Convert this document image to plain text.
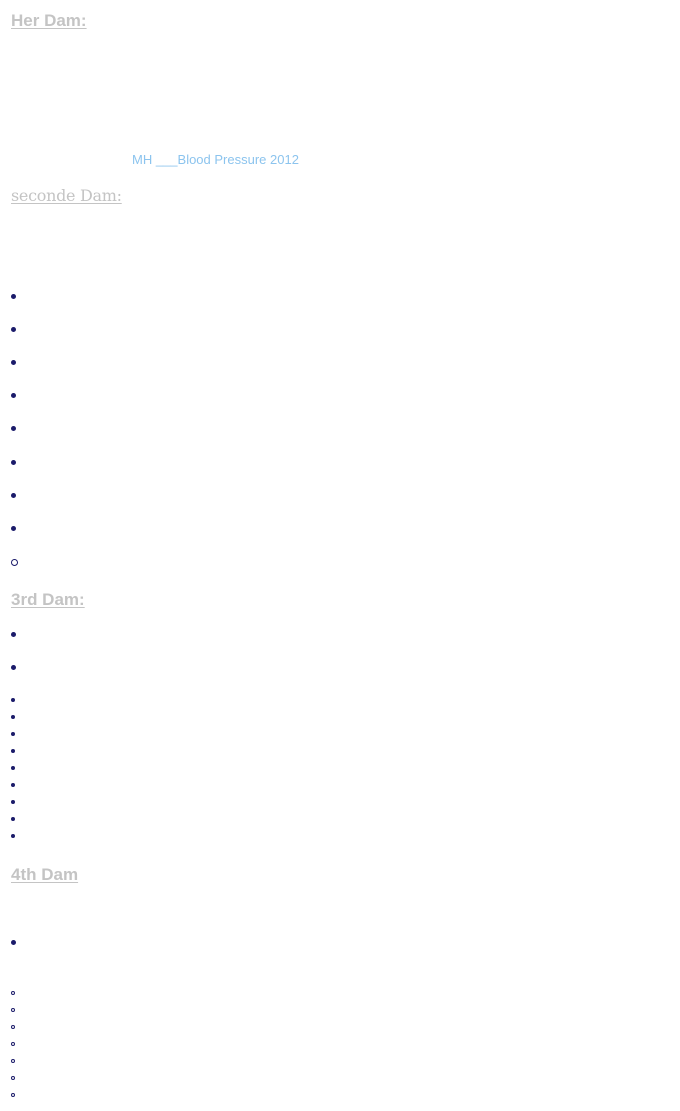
Her Dam:
MH ___Blood Pressure 2012
seconde Dam:
3rd Dam:
4th Dam
